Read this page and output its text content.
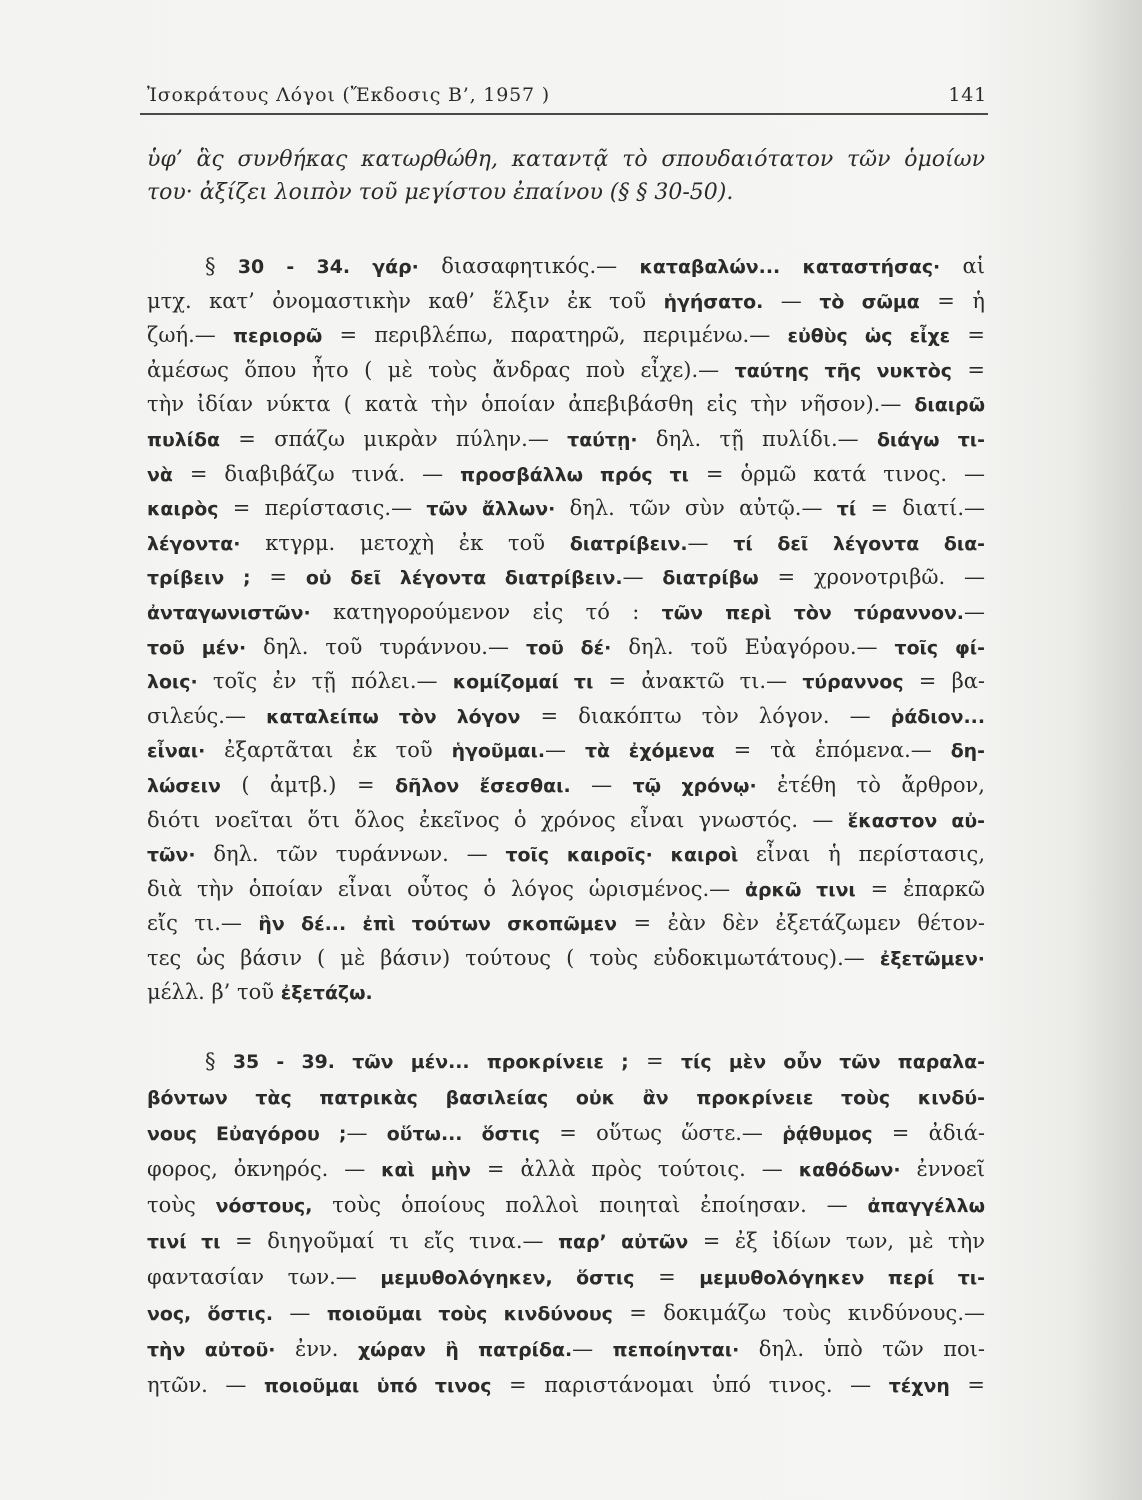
Ἰσοκράτους Λόγοι (Ἔκδοσις Β’, 1957 )	141
ὑφ’ ἃς συνθήκας κατωρθώθη, καταντᾷ τὸ σπουδαιότατον τῶν ὁμοίων
του· ἀξίζει λοιπὸν τοῦ μεγίστου ἐπαίνου (§ § 30-50).
§ 30 - 34. γάρ· διασαφητικός.— καταβαλών... καταστήσας· αἱ
μτχ. κατ’ ὀνομαστικὴν καθ’ ἕλξιν ἐκ τοῦ ἡγήσατο. — τὸ σῶμα = ἡ
ζωή.— περιορῶ = περιβλέπω, παρατηρῶ, περιμένω.— εὐθὺς ὡς εἶχε =
ἀμέσως ὅπου ἦτο ( μὲ τοὺς ἄνδρας ποὺ εἶχε).— ταύτης τῆς νυκτὸς =
τὴν ἰδίαν νύκτα ( κατὰ τὴν ὁποίαν ἀπεβιβάσθη εἰς τὴν νῆσον).— διαιρῶ
πυλίδα = σπάζω μικρὰν πύλην.— ταύτῃ· δηλ. τῇ πυλίδι.— διάγω τι-
νὰ = διαβιβάζω τινά. — προσβάλλω πρός τι = ὁρμῶ κατά τινος. —
καιρὸς = περίστασις.— τῶν ἄλλων· δηλ. τῶν σὺν αὐτῷ.— τί = διατί.—
λέγοντα· κτγρμ. μετοχὴ ἐκ τοῦ διατρίβειν.— τί δεῖ λέγοντα δια-
τρίβειν ; = οὐ δεῖ λέγοντα διατρίβειν.— διατρίβω = χρονοτριβῶ. —
ἀνταγωνιστῶν· κατηγορούμενον εἰς τό : τῶν περὶ τὸν τύραννον.—
τοῦ μέν· δηλ. τοῦ τυράννου.— τοῦ δέ· δηλ. τοῦ Εὐαγόρου.— τοῖς φί-
λοις· τοῖς ἐν τῇ πόλει.— κομίζομαί τι = ἀνακτῶ τι.— τύραννος = βα-
σιλεύς.— καταλείπω τὸν λόγον = διακόπτω τὸν λόγον. — ῥάδιον...
εἶναι· ἐξαρτᾶται ἐκ τοῦ ἡγοῦμαι.— τὰ ἐχόμενα = τὰ ἑπόμενα.— δη-
λώσειν ( ἀμτβ.) = δῆλον ἔσεσθαι. — τῷ χρόνῳ· ἐτέθη τὸ ἄρθρον,
διότι νοεῖται ὅτι ὅλος ἐκεῖνος ὁ χρόνος εἶναι γνωστός. — ἕκαστον αὐ-
τῶν· δηλ. τῶν τυράννων. — τοῖς καιροῖς· καιροὶ εἶναι ἡ περίστασις,
διὰ τὴν ὁποίαν εἶναι οὗτος ὁ λόγος ὡρισμένος.— ἀρκῶ τινι = ἐπαρκῶ
εἴς τι.— ἣν δέ... ἐπὶ τούτων σκοπῶμεν = ἐὰν δὲν ἐξετάζωμεν θέτον-
τες ὡς βάσιν ( μὲ βάσιν) τούτους ( τοὺς εὐδοκιμωτάτους).— ἐξετῶμεν·
μέλλ. β’ τοῦ ἐξετάζω.
§ 35 - 39. τῶν μέν... προκρίνειε ; = τίς μὲν οὖν τῶν παραλα-
βόντων τὰς πατρικὰς βασιλείας οὐκ ἂν προκρίνειε τοὺς κινδύ-
νους Εὐαγόρου ;— οὕτω... ὅστις = οὕτως ὥστε.— ῥᾴθυμος = ἀδιά-
φορος, ὀκνηρός. — καὶ μὴν = ἀλλὰ πρὸς τούτοις. — καθόδων· ἐννοεῖ
τοὺς νόστους, τοὺς ὁποίους πολλοὶ ποιηταὶ ἐποίησαν. — ἀπαγγέλλω
τινί τι = διηγοῦμαί τι εἴς τινα.— παρ’ αὐτῶν = ἐξ ἰδίων των, μὲ τὴν
φαντασίαν των.— μεμυθολόγηκεν, ὅστις = μεμυθολόγηκεν περί τι-
νος, ὅστις. — ποιοῦμαι τοὺς κινδύνους = δοκιμάζω τοὺς κινδύνους.—
τὴν αὐτοῦ· ἐνν. χώραν ἢ πατρίδα.— πεποίηνται· δηλ. ὑπὸ τῶν ποι-
ητῶν. — ποιοῦμαι ὑπό τινος = παριστάνομαι ὑπό τινος. — τέχνη =
